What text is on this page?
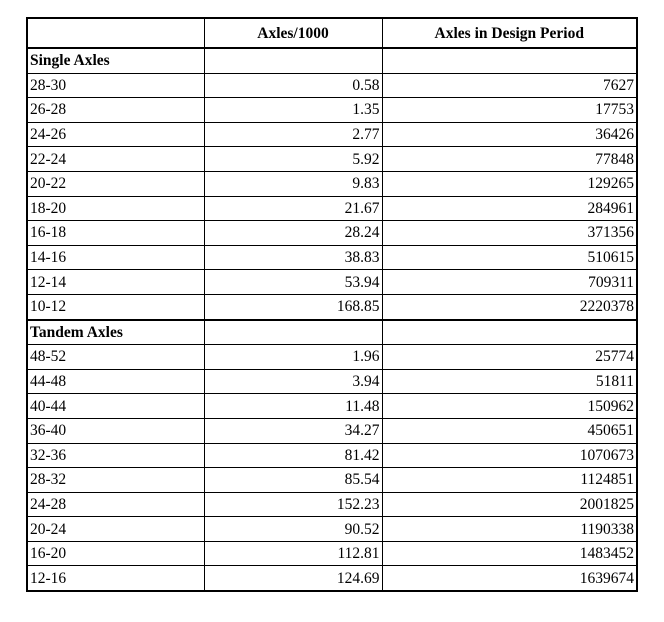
	Axles/1000	Axles in Design Period
Single Axles		
28-30	0.58	7627
26-28	1.35	17753
24-26	2.77	36426
22-24	5.92	77848
20-22	9.83	129265
18-20	21.67	284961
16-18	28.24	371356
14-16	38.83	510615
12-14	53.94	709311
10-12	168.85	2220378
Tandem Axles		
48-52	1.96	25774
44-48	3.94	51811
40-44	11.48	150962
36-40	34.27	450651
32-36	81.42	1070673
28-32	85.54	1124851
24-28	152.23	2001825
20-24	90.52	1190338
16-20	112.81	1483452
12-16	124.69	1639674
